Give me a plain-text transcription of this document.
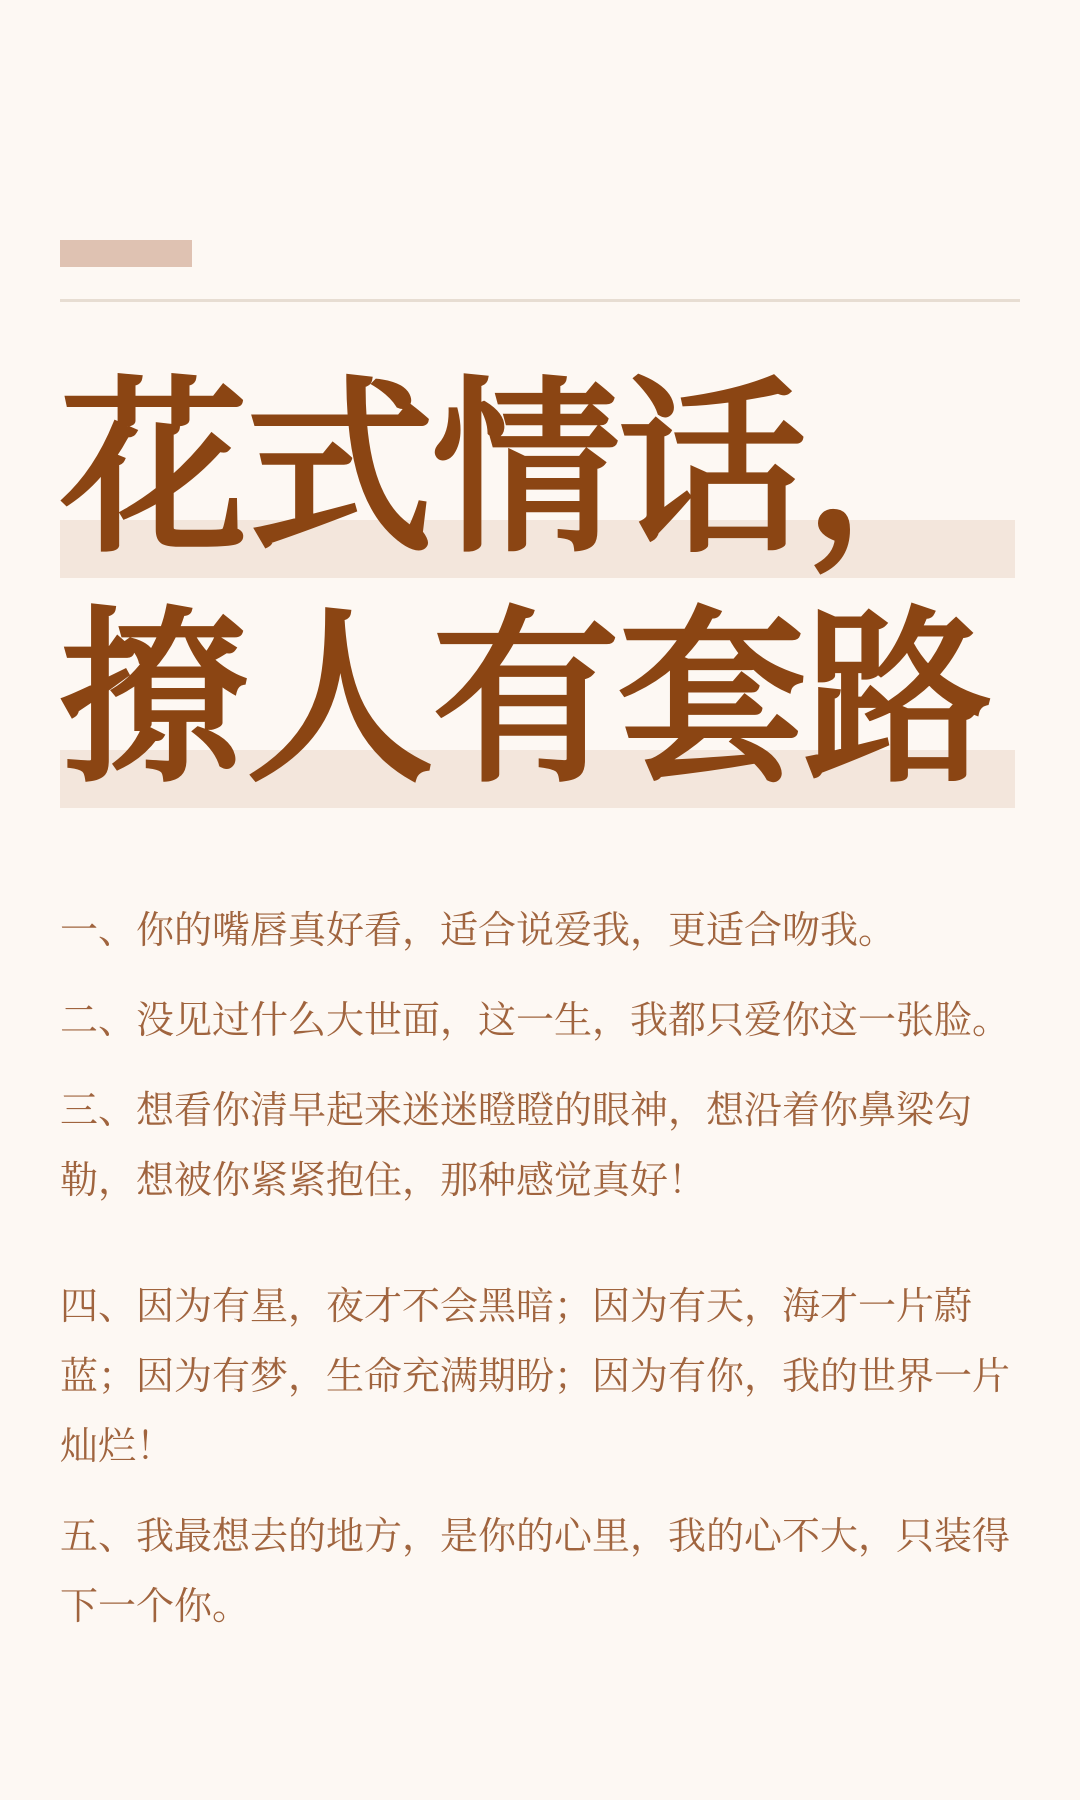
花式情话，
撩人有套路

一、你的嘴唇真好看，适合说爱我，更适合吻我。

二、没见过什么大世面，这一生，我都只爱你这一张脸。

三、想看你清早起来迷迷瞪瞪的眼神，想沿着你鼻梁勾勒，想被你紧紧抱住，那种感觉真好！

四、因为有星，夜才不会黑暗；因为有天，海才一片蔚蓝；因为有梦，生命充满期盼；因为有你，我的世界一片灿烂！

五、我最想去的地方，是你的心里，我的心不大，只装得下一个你。
